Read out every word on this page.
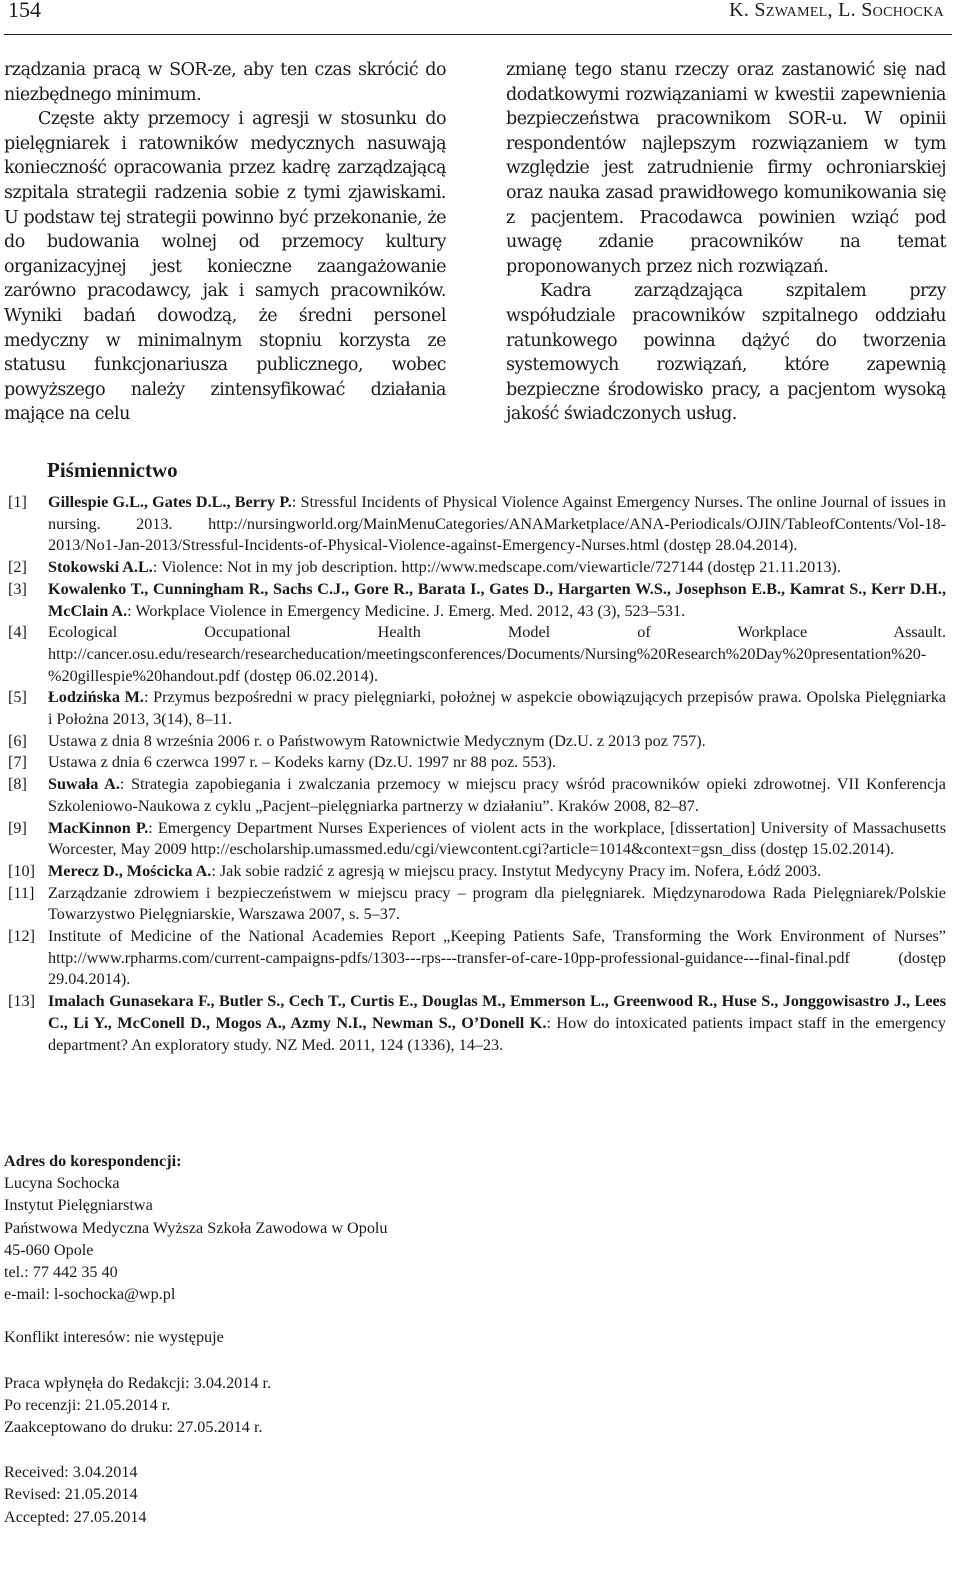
154	K. Szwamel, L. Sochocka

rządzania pracą w SOR-ze, aby ten czas skrócić do niezbędnego minimum.

Częste akty przemocy i agresji w stosunku do pielęgniarek i ratowników medycznych nasuwają konieczność opracowania przez kadrę zarządzającą szpitala strategii radzenia sobie z tymi zjawiskami. U podstaw tej strategii powinno być przekonanie, że do budowania wolnej od przemocy kultury organizacyjnej jest konieczne zaangażowanie zarówno pracodawcy, jak i samych pracowników. Wyniki badań dowodzą, że średni personel medyczny w minimalnym stopniu korzysta ze statusu funkcjonariusza publicznego, wobec powyższego należy zintensyfikować działania mające na celu

zmianę tego stanu rzeczy oraz zastanowić się nad dodatkowymi rozwiązaniami w kwestii zapewnienia bezpieczeństwa pracownikom SOR-u. W opinii respondentów najlepszym rozwiązaniem w tym względzie jest zatrudnienie firmy ochroniarskiej oraz nauka zasad prawidłowego komunikowania się z pacjentem. Pracodawca powinien wziąć pod uwagę zdanie pracowników na temat proponowanych przez nich rozwiązań.

Kadra zarządzająca szpitalem przy współudziale pracowników szpitalnego oddziału ratunkowego powinna dążyć do tworzenia systemowych rozwiązań, które zapewnią bezpieczne środowisko pracy, a pacjentom wysoką jakość świadczonych usług.

Piśmiennictwo
[1]	Gillespie G.L., Gates D.L., Berry P.: Stressful Incidents of Physical Violence Against Emergency Nurses. The online Journal of issues in nursing. 2013. http://nursingworld.org/MainMenuCategories/ANAMarketplace/ANA-Periodicals/OJIN/TableofContents/Vol-18-2013/No1-Jan-2013/Stressful-Incidents-of-Physical-Violence-against-Emergency-Nurses.html (dostęp 28.04.2014).
[2]	Stokowski A.L.: Violence: Not in my job description. http://www.medscape.com/viewarticle/727144 (dostęp 21.11.2013).
[3]	Kowalenko T., Cunningham R., Sachs C.J., Gore R., Barata I., Gates D., Hargarten W.S., Josephson E.B., Kamrat S., Kerr D.H., McClain A.: Workplace Violence in Emergency Medicine. J. Emerg. Med. 2012, 43 (3), 523–531.
[4]	Ecological Occupational Health Model of Workplace Assault. http://cancer.osu.edu/research/researcheducation/meetingsconferences/Documents/Nursing%20Research%20Day%20presentation%20-%20gillespie%20handout.pdf (dostęp 06.02.2014).
[5]	Łodzińska M.: Przymus bezpośredni w pracy pielęgniarki, położnej w aspekcie obowiązujących przepisów prawa. Opolska Pielęgniarka i Położna 2013, 3(14), 8–11.
[6]	Ustawa z dnia 8 września 2006 r. o Państwowym Ratownictwie Medycznym (Dz.U. z 2013 poz 757).
[7]	Ustawa z dnia 6 czerwca 1997 r. – Kodeks karny (Dz.U. 1997 nr 88 poz. 553).
[8]	Suwała A.: Strategia zapobiegania i zwalczania przemocy w miejscu pracy wśród pracowników opieki zdrowotnej. VII Konferencja Szkoleniowo-Naukowa z cyklu „Pacjent–pielęgniarka partnerzy w działaniu”. Kraków 2008, 82–87.
[9]	MacKinnon P.: Emergency Department Nurses Experiences of violent acts in the workplace, [dissertation] University of Massachusetts Worcester, May 2009 http://escholarship.umassmed.edu/cgi/viewcontent.cgi?article=1014&context=gsn_diss (dostęp 15.02.2014).
[10] Merecz D., Mościcka A.: Jak sobie radzić z agresją w miejscu pracy. Instytut Medycyny Pracy im. Nofera, Łódź 2003.
[11] Zarządzanie zdrowiem i bezpieczeństwem w miejscu pracy – program dla pielęgniarek. Międzynarodowa Rada Pielęgniarek/Polskie Towarzystwo Pielęgniarskie, Warszawa 2007, s. 5–37.
[12] Institute of Medicine of the National Academies Report „Keeping Patients Safe, Transforming the Work Environment of Nurses” http://www.rpharms.com/current-campaigns-pdfs/1303---rps---transfer-of-care-10pp-professional-guidance---final-final.pdf (dostęp 29.04.2014).
[13] Imalach Gunasekara F., Butler S., Cech T., Curtis E., Douglas M., Emmerson L., Greenwood R., Huse S., Jonggowisastro J., Lees C., Li Y., McConell D., Mogos A., Azmy N.I., Newman S., O’Donell K.: How do intoxicated patients impact staff in the emergency department? An exploratory study. NZ Med. 2011, 124 (1336), 14–23.
Adres do korespondencji:
Lucyna Sochocka
Instytut Pielęgniarstwa
Państwowa Medyczna Wyższa Szkoła Zawodowa w Opolu
45-060 Opole
tel.: 77 442 35 40
e-mail: l-sochocka@wp.pl
Konflikt interesów: nie występuje
Praca wpłynęła do Redakcji: 3.04.2014 r.
Po recenzji: 21.05.2014 r.
Zaakceptowano do druku: 27.05.2014 r.
Received: 3.04.2014
Revised: 21.05.2014
Accepted: 27.05.2014
